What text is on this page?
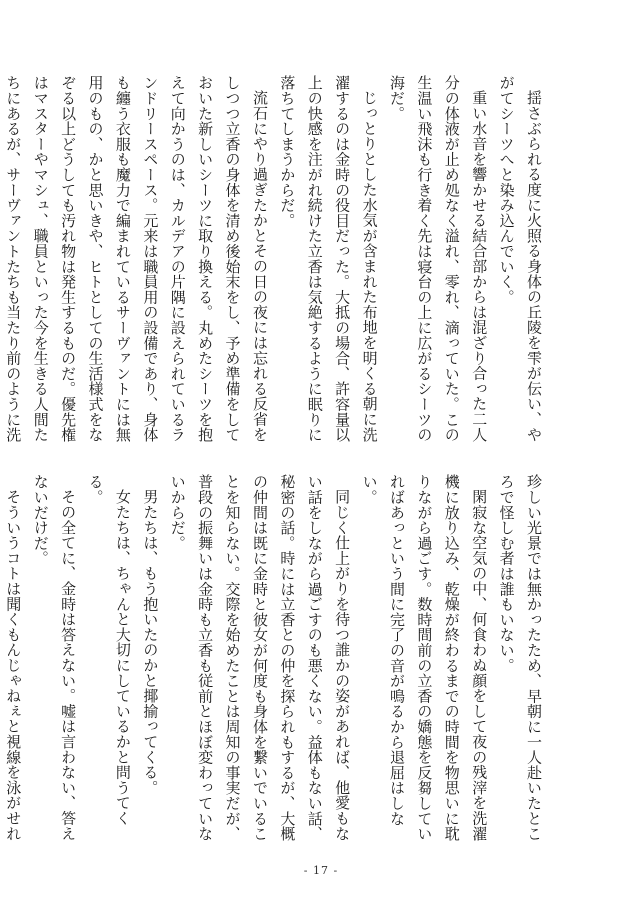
揺さぶられる度に火照る身体の丘陵を雫が伝い、やがてシーツへと染み込んでいく。

重い水音を響かせる結合部からは混ざり合った二人分の体液が止め処なく溢れ、零れ、滴っていた。この生温い飛沫も行き着く先は寝台の上に広がるシーツの海だ。

じっとりとした水気が含まれた布地を明くる朝に洗濯するのは金時の役目だった。大抵の場合、許容量以上の快感を注がれ続けた立香は気絶するように眠りに落ちてしまうからだ。

流石にやり過ぎたかとその日の夜には忘れる反省をしつつ立香の身体を清め後始末をし、予め準備をしておいた新しいシーツに取り換える。丸めたシーツを抱えて向かうのは、カルデアの片隅に設えられているランドリースペース。元来は職員用の設備であり、身体も纏う衣服も魔力で編まれているサーヴァントには無用のもの、かと思いきや、ヒトとしての生活様式をなぞる以上どうしても汚れ物は発生するものだ。優先権はマスターやマシュ、職員といった今を生きる人間たちにあるが、サーヴァントたちも当たり前のように洗

珍しい光景では無かったため、早朝に一人赴いたところで怪しむ者は誰もいない。

閑寂な空気の中、何食わぬ顔をして夜の残滓を洗濯機に放り込み、乾燥が終わるまでの時間を物思いに耽りながら過ごす。数時間前の立香の嬌態を反芻していればあっという間に完了の音が鳴るから退屈はしない。

同じく仕上がりを待つ誰かの姿があれば、他愛もない話をしながら過ごすのも悪くない。益体もない話、秘密の話。時には立香との仲を探られもするが、大概の仲間は既に金時と彼女が何度も身体を繋いでいることを知らない。交際を始めたことは周知の事実だが、普段の振舞いは金時も立香も従前とほぼ変わっていないからだ。

男たちは、もう抱いたのかと揶揄ってくる。

女たちは、ちゃんと大切にしているかと問うてくる。

その全てに、金時は答えない。嘘は言わない、答えないだけだ。

そういうコトは聞くもんじゃねぇと視線を泳がせれ

- 17 -
